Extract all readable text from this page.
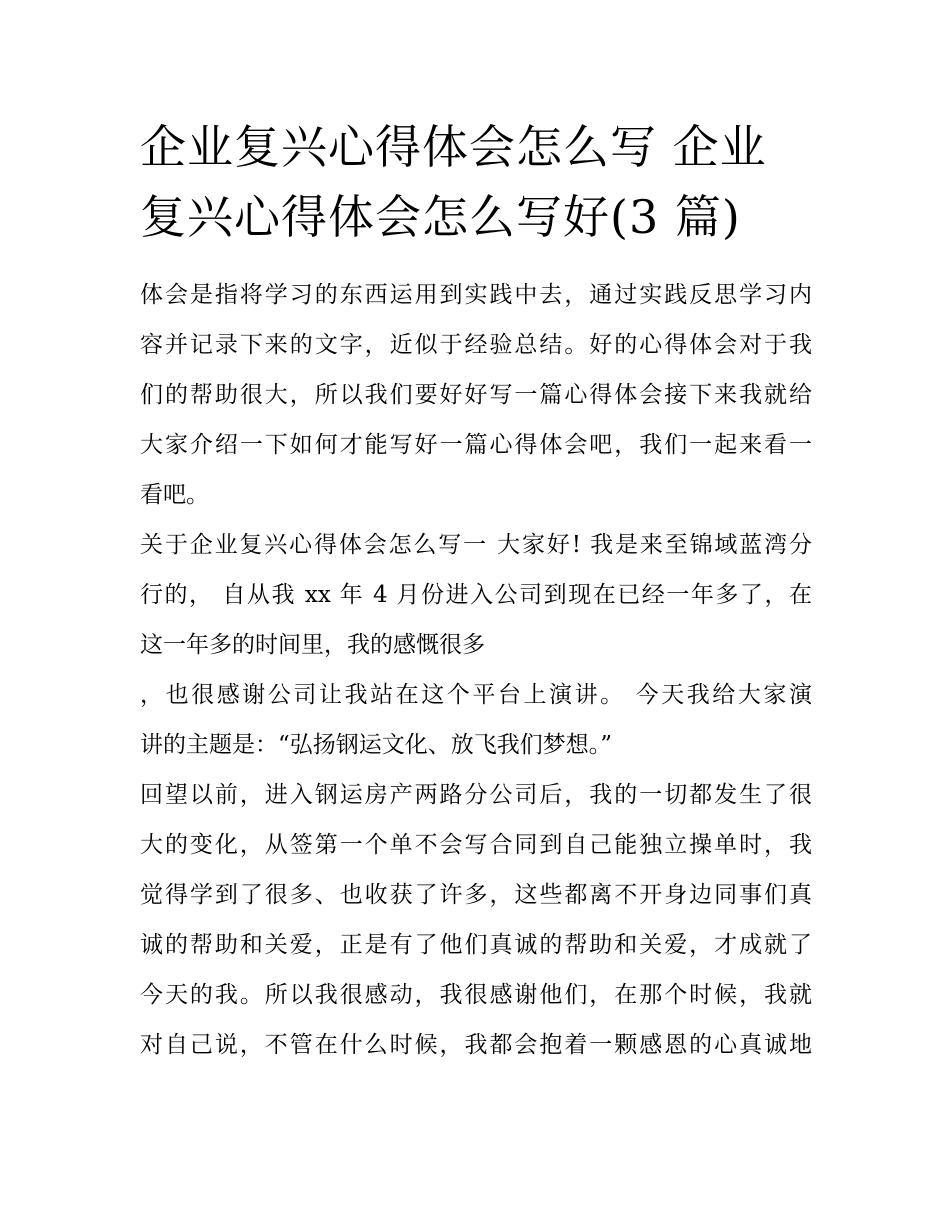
企业复兴心得体会怎么写 企业
复兴心得体会怎么写好(3 篇)
体会是指将学习的东西运用到实践中去，通过实践反思学习内
容并记录下来的文字，近似于经验总结。好的心得体会对于我
们的帮助很大，所以我们要好好写一篇心得体会接下来我就给
大家介绍一下如何才能写好一篇心得体会吧，我们一起来看一
看吧。
关于企业复兴心得体会怎么写一 大家好! 我是来至锦域蓝湾分
行的， 自从我 xx 年 4 月份进入公司到现在已经一年多了，在
这一年多的时间里，我的感慨很多
，也很感谢公司让我站在这个平台上演讲。 今天我给大家演
讲的主题是：“弘扬钢运文化、放飞我们梦想。”
回望以前，进入钢运房产两路分公司后，我的一切都发生了很
大的变化，从签第一个单不会写合同到自己能独立操单时，我
觉得学到了很多、也收获了许多，这些都离不开身边同事们真
诚的帮助和关爱，正是有了他们真诚的帮助和关爱，才成就了
今天的我。所以我很感动，我很感谢他们，在那个时候，我就
对自己说，不管在什么时候，我都会抱着一颗感恩的心真诚地
